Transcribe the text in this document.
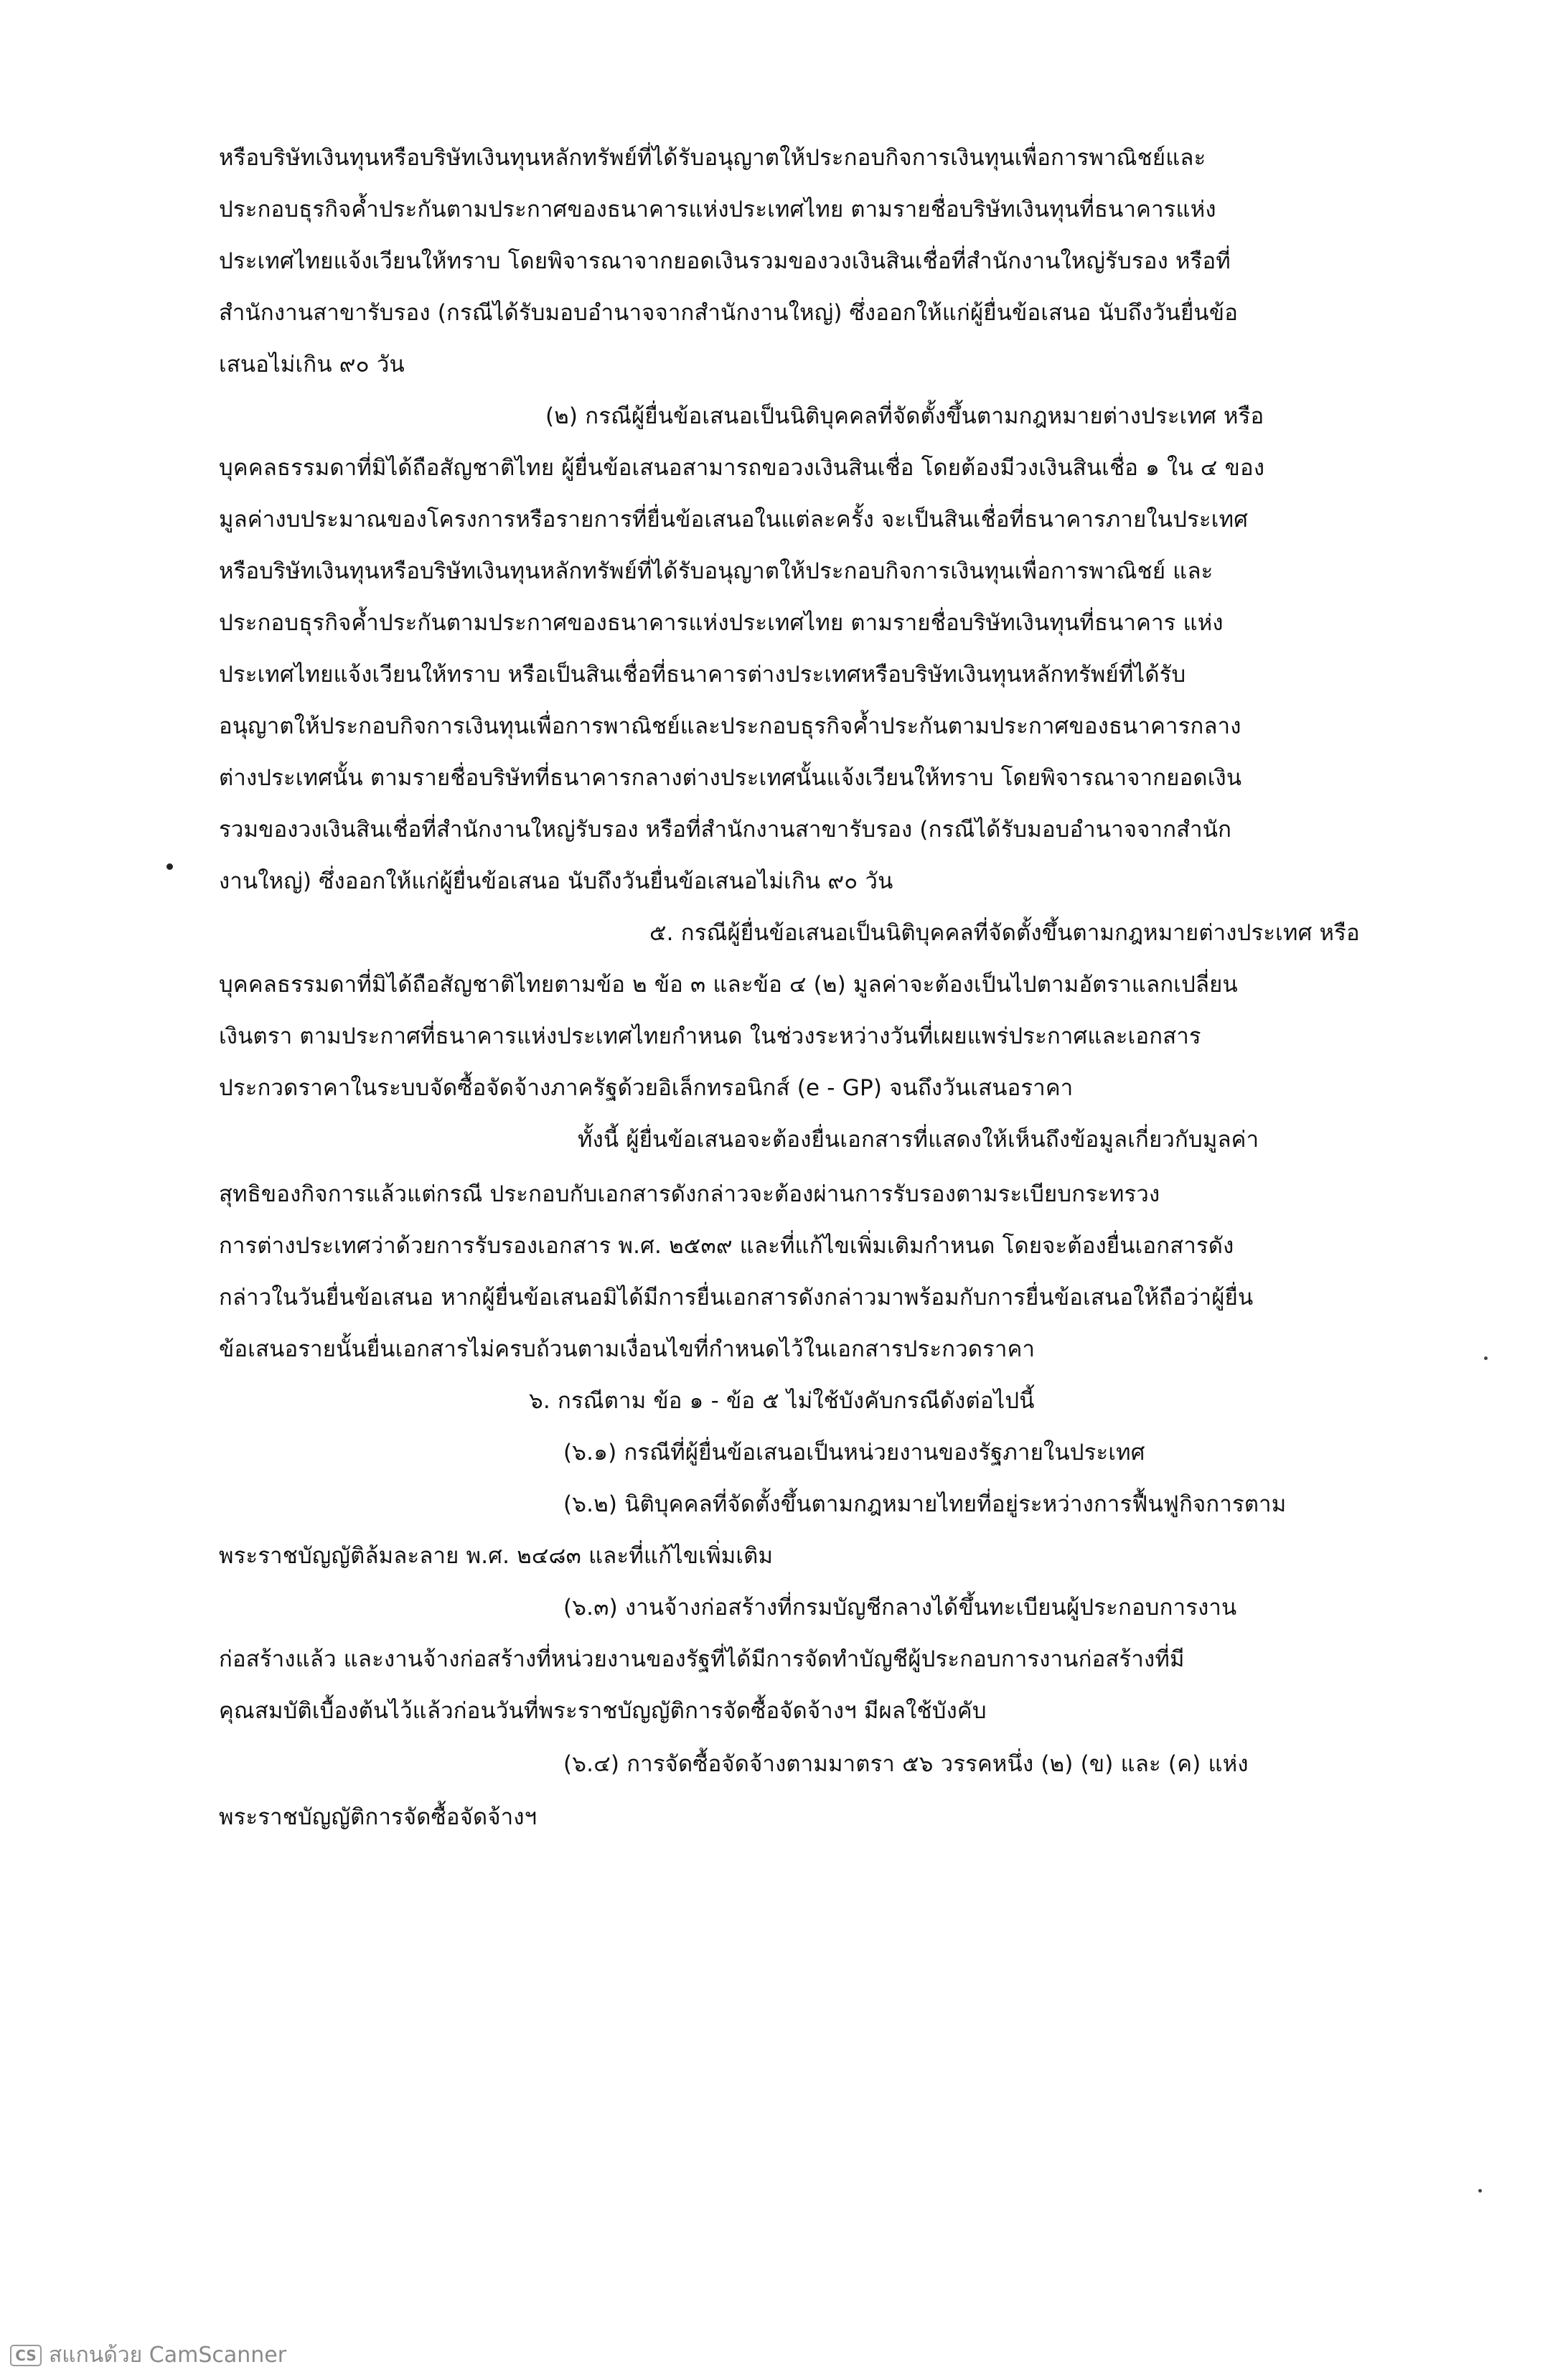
หรือบริษัทเงินทุนหรือบริษัทเงินทุนหลักทรัพย์ที่ได้รับอนุญาตให้ประกอบกิจการเงินทุนเพื่อการพาณิชย์และ
ประกอบธุรกิจค้ำประกันตามประกาศของธนาคารแห่งประเทศไทย ตามรายชื่อบริษัทเงินทุนที่ธนาคารแห่ง
ประเทศไทยแจ้งเวียนให้ทราบ โดยพิจารณาจากยอดเงินรวมของวงเงินสินเชื่อที่สำนักงานใหญ่รับรอง หรือที่
สำนักงานสาขารับรอง (กรณีได้รับมอบอำนาจจากสำนักงานใหญ่) ซึ่งออกให้แก่ผู้ยื่นข้อเสนอ นับถึงวันยื่นข้อ
เสนอไม่เกิน ๙๐ วัน
(๒) กรณีผู้ยื่นข้อเสนอเป็นนิติบุคคลที่จัดตั้งขึ้นตามกฎหมายต่างประเทศ หรือ
บุคคลธรรมดาที่มิได้ถือสัญชาติไทย ผู้ยื่นข้อเสนอสามารถขอวงเงินสินเชื่อ โดยต้องมีวงเงินสินเชื่อ ๑ ใน ๔ ของ
มูลค่างบประมาณของโครงการหรือรายการที่ยื่นข้อเสนอในแต่ละครั้ง จะเป็นสินเชื่อที่ธนาคารภายในประเทศ
หรือบริษัทเงินทุนหรือบริษัทเงินทุนหลักทรัพย์ที่ได้รับอนุญาตให้ประกอบกิจการเงินทุนเพื่อการพาณิชย์ และ
ประกอบธุรกิจค้ำประกันตามประกาศของธนาคารแห่งประเทศไทย ตามรายชื่อบริษัทเงินทุนที่ธนาคาร แห่ง
ประเทศไทยแจ้งเวียนให้ทราบ หรือเป็นสินเชื่อที่ธนาคารต่างประเทศหรือบริษัทเงินทุนหลักทรัพย์ที่ได้รับ
อนุญาตให้ประกอบกิจการเงินทุนเพื่อการพาณิชย์และประกอบธุรกิจค้ำประกันตามประกาศของธนาคารกลาง
ต่างประเทศนั้น ตามรายชื่อบริษัทที่ธนาคารกลางต่างประเทศนั้นแจ้งเวียนให้ทราบ โดยพิจารณาจากยอดเงิน
รวมของวงเงินสินเชื่อที่สำนักงานใหญ่รับรอง หรือที่สำนักงานสาขารับรอง (กรณีได้รับมอบอำนาจจากสำนัก
งานใหญ่) ซึ่งออกให้แก่ผู้ยื่นข้อเสนอ นับถึงวันยื่นข้อเสนอไม่เกิน ๙๐ วัน
๕. กรณีผู้ยื่นข้อเสนอเป็นนิติบุคคลที่จัดตั้งขึ้นตามกฎหมายต่างประเทศ หรือ
บุคคลธรรมดาที่มิได้ถือสัญชาติไทยตามข้อ ๒ ข้อ ๓ และข้อ ๔ (๒) มูลค่าจะต้องเป็นไปตามอัตราแลกเปลี่ยน
เงินตรา ตามประกาศที่ธนาคารแห่งประเทศไทยกำหนด ในช่วงระหว่างวันที่เผยแพร่ประกาศและเอกสาร
ประกวดราคาในระบบจัดซื้อจัดจ้างภาครัฐด้วยอิเล็กทรอนิกส์ (e - GP) จนถึงวันเสนอราคา
ทั้งนี้ ผู้ยื่นข้อเสนอจะต้องยื่นเอกสารที่แสดงให้เห็นถึงข้อมูลเกี่ยวกับมูลค่า
สุทธิของกิจการแล้วแต่กรณี ประกอบกับเอกสารดังกล่าวจะต้องผ่านการรับรองตามระเบียบกระทรวง
การต่างประเทศว่าด้วยการรับรองเอกสาร พ.ศ. ๒๕๓๙ และที่แก้ไขเพิ่มเติมกำหนด โดยจะต้องยื่นเอกสารดัง
กล่าวในวันยื่นข้อเสนอ หากผู้ยื่นข้อเสนอมิได้มีการยื่นเอกสารดังกล่าวมาพร้อมกับการยื่นข้อเสนอให้ถือว่าผู้ยื่น
ข้อเสนอรายนั้นยื่นเอกสารไม่ครบถ้วนตามเงื่อนไขที่กำหนดไว้ในเอกสารประกวดราคา
๖. กรณีตาม ข้อ ๑ - ข้อ ๕ ไม่ใช้บังคับกรณีดังต่อไปนี้
(๖.๑) กรณีที่ผู้ยื่นข้อเสนอเป็นหน่วยงานของรัฐภายในประเทศ
(๖.๒) นิติบุคคลที่จัดตั้งขึ้นตามกฎหมายไทยที่อยู่ระหว่างการฟื้นฟูกิจการตาม
พระราชบัญญัติล้มละลาย พ.ศ. ๒๔๘๓ และที่แก้ไขเพิ่มเติม
(๖.๓) งานจ้างก่อสร้างที่กรมบัญชีกลางได้ขึ้นทะเบียนผู้ประกอบการงาน
ก่อสร้างแล้ว และงานจ้างก่อสร้างที่หน่วยงานของรัฐที่ได้มีการจัดทำบัญชีผู้ประกอบการงานก่อสร้างที่มี
คุณสมบัติเบื้องต้นไว้แล้วก่อนวันที่พระราชบัญญัติการจัดซื้อจัดจ้างฯ มีผลใช้บังคับ
(๖.๔) การจัดซื้อจัดจ้างตามมาตรา ๕๖ วรรคหนึ่ง (๒) (ข) และ (ค) แห่ง
พระราชบัญญัติการจัดซื้อจัดจ้างฯ
CS สแกนด้วย CamScanner
